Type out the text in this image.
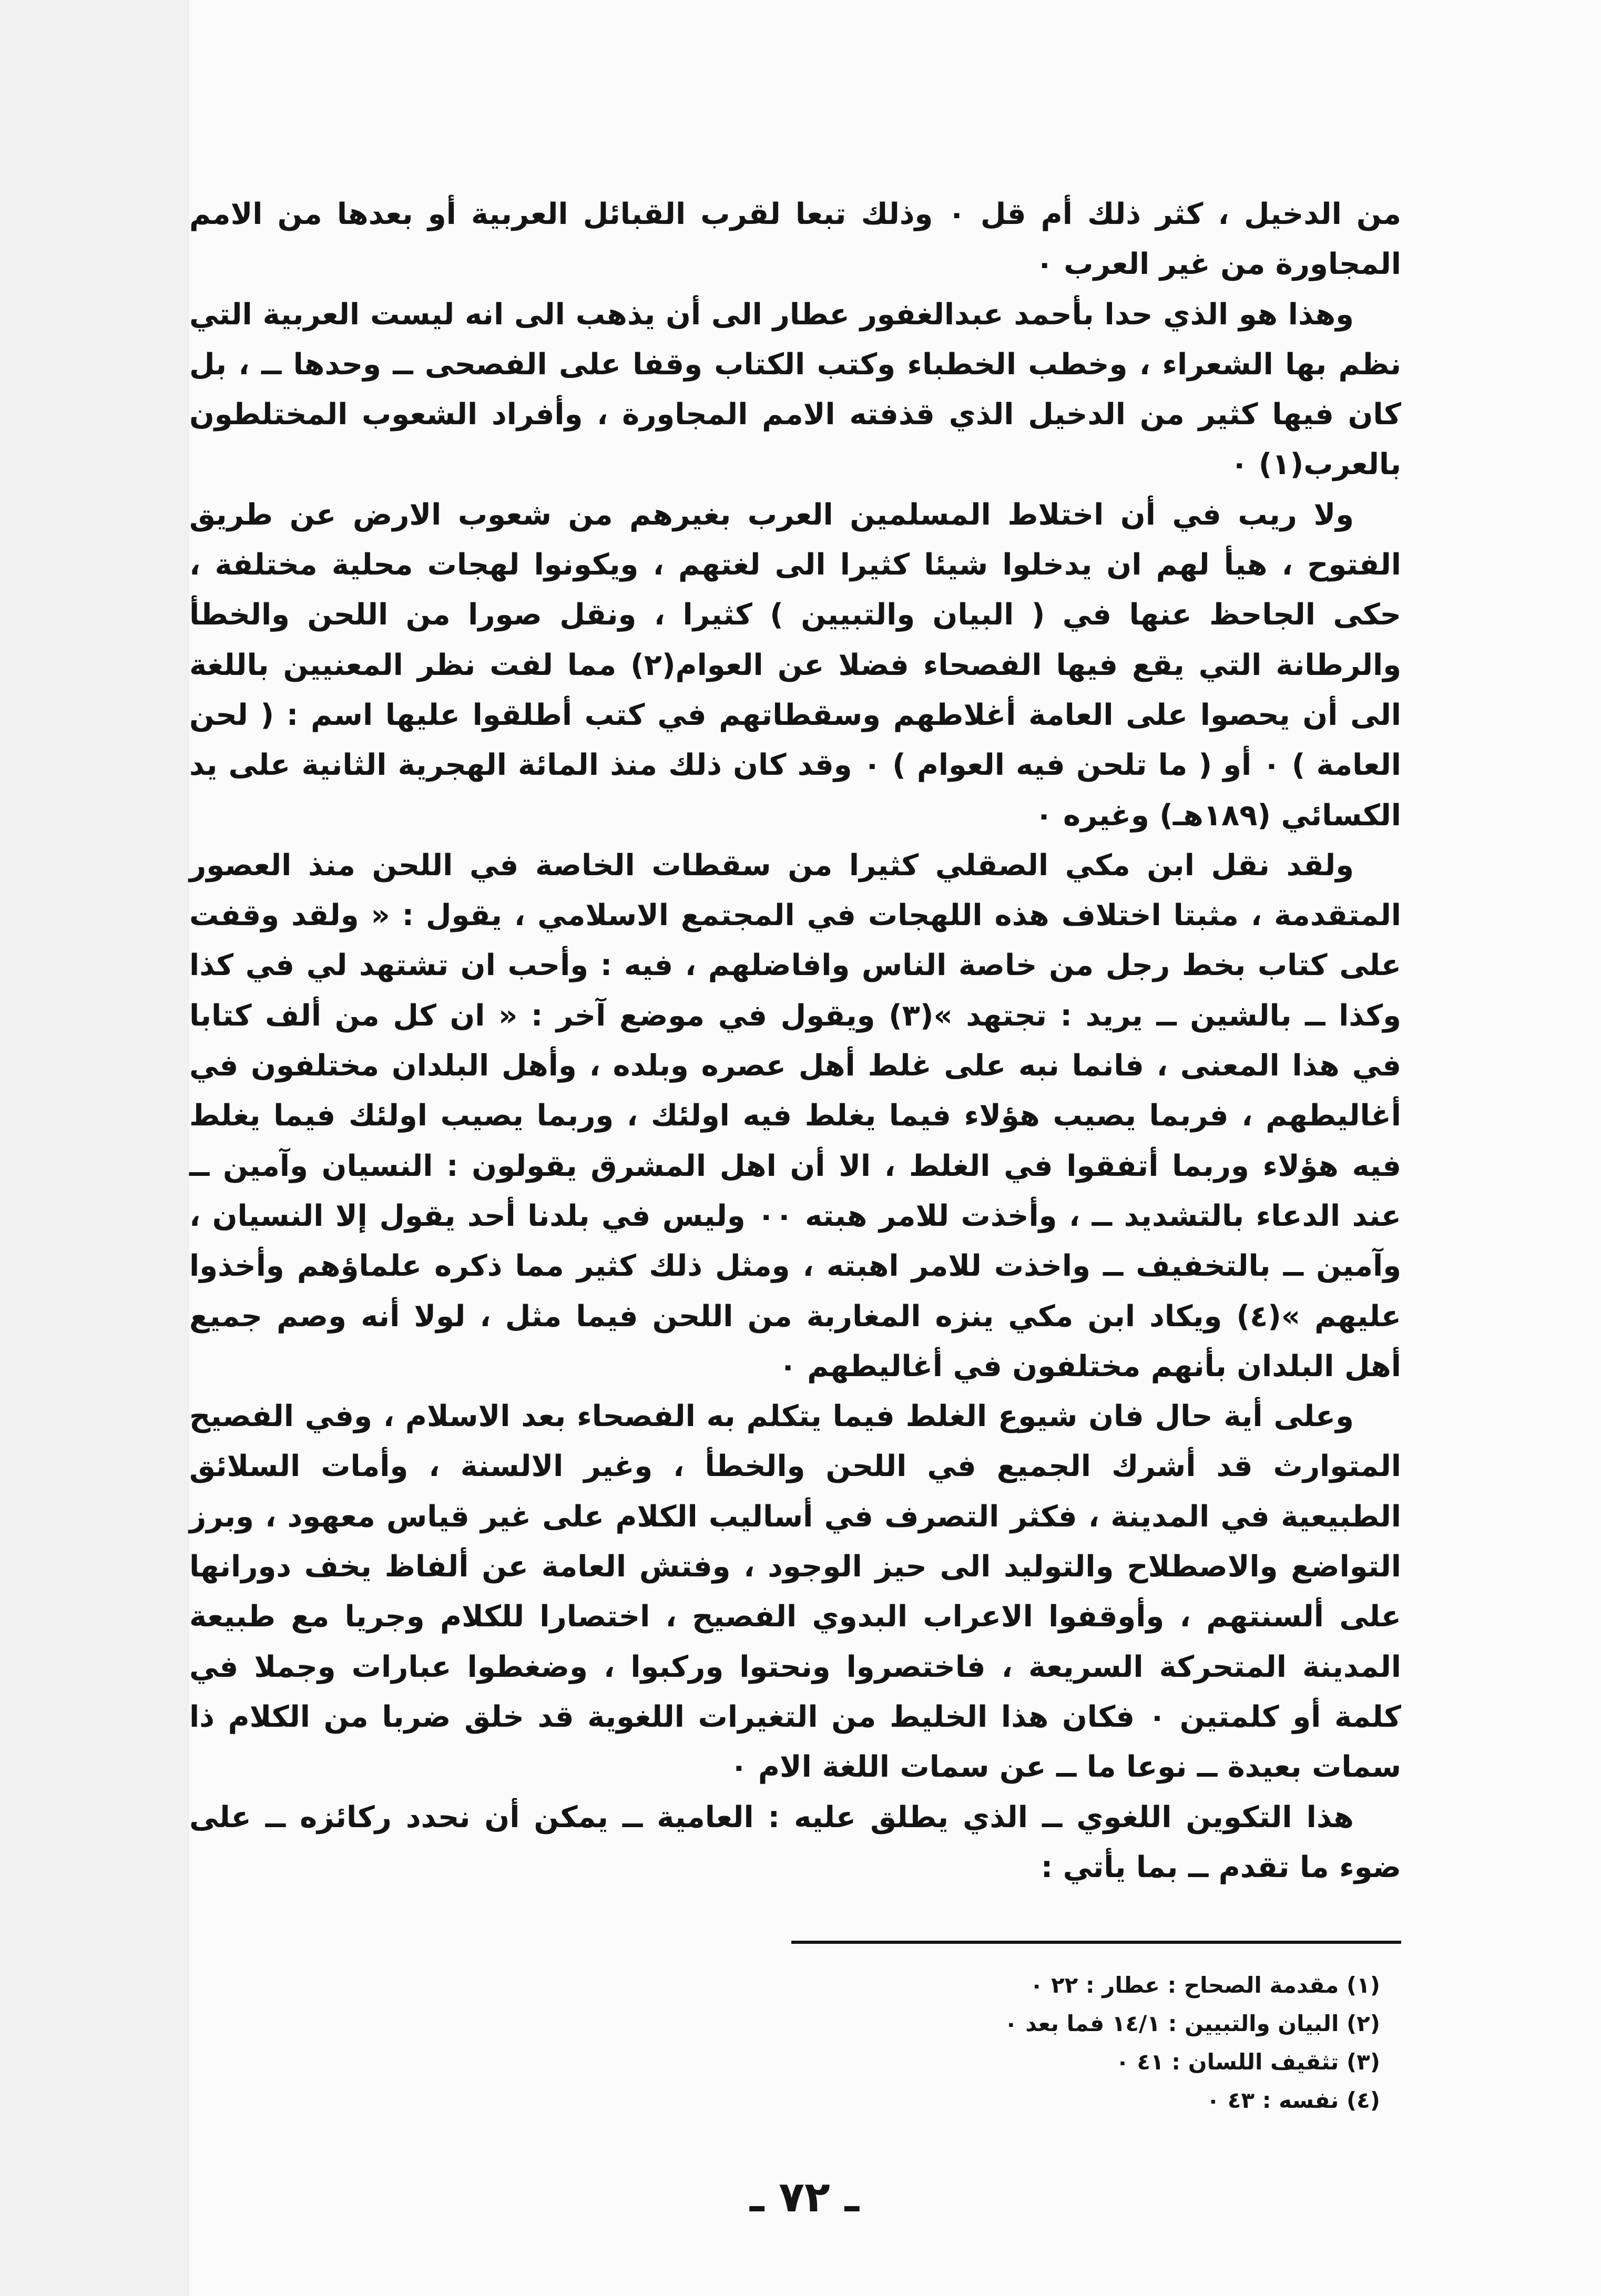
من الدخيل ، كثر ذلك أم قل ٠ وذلك تبعا لقرب القبائل العربية أو بعدها من الامم المجاورة من غير العرب ٠

وهذا هو الذي حدا بأحمد عبدالغفور عطار الى أن يذهب الى انه ليست العربية التي نظم بها الشعراء ، وخطب الخطباء وكتب الكتاب وقفا على الفصحى ــ وحدها ــ ، بل كان فيها كثير من الدخيل الذي قذفته الامم المجاورة ، وأفراد الشعوب المختلطون بالعرب(١) ٠

ولا ريب في أن اختلاط المسلمين العرب بغيرهم من شعوب الارض عن طريق الفتوح ، هيأ لهم ان يدخلوا شيئا كثيرا الى لغتهم ، ويكونوا لهجات محلية مختلفة ، حكى الجاحظ عنها في ( البيان والتبيين ) كثيرا ، ونقل صورا من اللحن والخطأ والرطانة التي يقع فيها الفصحاء فضلا عن العوام(٢) مما لفت نظر المعنيين باللغة الى أن يحصوا على العامة أغلاطهم وسقطاتهم في كتب أطلقوا عليها اسم : ( لحن العامة ) ٠ أو ( ما تلحن فيه العوام ) ٠ وقد كان ذلك منذ المائة الهجرية الثانية على يد الكسائي (١٨٩هـ) وغيره ٠

ولقد نقل ابن مكي الصقلي كثيرا من سقطات الخاصة في اللحن منذ العصور المتقدمة ، مثبتا اختلاف هذه اللهجات في المجتمع الاسلامي ، يقول : « ولقد وقفت على كتاب بخط رجل من خاصة الناس وافاضلهم ، فيه : وأحب ان تشتهد لي في كذا وكذا ــ بالشين ــ يريد : تجتهد »(٣) ويقول في موضع آخر : « ان كل من ألف كتابا في هذا المعنى ، فانما نبه على غلط أهل عصره وبلده ، وأهل البلدان مختلفون في أغاليطهم ، فربما يصيب هؤلاء فيما يغلط فيه اولئك ، وربما يصيب اولئك فيما يغلط فيه هؤلاء وربما أتفقوا في الغلط ، الا أن اهل المشرق يقولون : النسيان وآمين ــ عند الدعاء بالتشديد ــ ، وأخذت للامر هبته ٠٠ وليس في بلدنا أحد يقول إلا النسيان ، وآمين ــ بالتخفيف ــ واخذت للامر اهبته ، ومثل ذلك كثير مما ذكره علماؤهم وأخذوا عليهم »(٤) ويكاد ابن مكي ينزه المغاربة من اللحن فيما مثل ، لولا أنه وصم جميع أهل البلدان بأنهم مختلفون في أغاليطهم ٠

وعلى أية حال فان شيوع الغلط فيما يتكلم به الفصحاء بعد الاسلام ، وفي الفصيح المتوارث قد أشرك الجميع في اللحن والخطأ ، وغير الالسنة ، وأمات السلائق الطبيعية في المدينة ، فكثر التصرف في أساليب الكلام على غير قياس معهود ، وبرز التواضع والاصطلاح والتوليد الى حيز الوجود ، وفتش العامة عن ألفاظ يخف دورانها على ألسنتهم ، وأوقفوا الاعراب البدوي الفصيح ، اختصارا للكلام وجريا مع طبيعة المدينة المتحركة السريعة ، فاختصروا ونحتوا وركبوا ، وضغطوا عبارات وجملا في كلمة أو كلمتين ٠ فكان هذا الخليط من التغيرات اللغوية قد خلق ضربا من الكلام ذا سمات بعيدة ــ نوعا ما ــ عن سمات اللغة الام ٠

هذا التكوين اللغوي ــ الذي يطلق عليه : العامية ــ يمكن أن نحدد ركائزه ــ على ضوء ما تقدم ــ بما يأتي :

(١) مقدمة الصحاح : عطار : ٢٢ ٠
(٢) البيان والتبيين : ١٤/١ فما بعد ٠
(٣) تثقيف اللسان : ٤١ ٠
(٤) نفسه : ٤٣ ٠
ـ ٧٢ ـ
